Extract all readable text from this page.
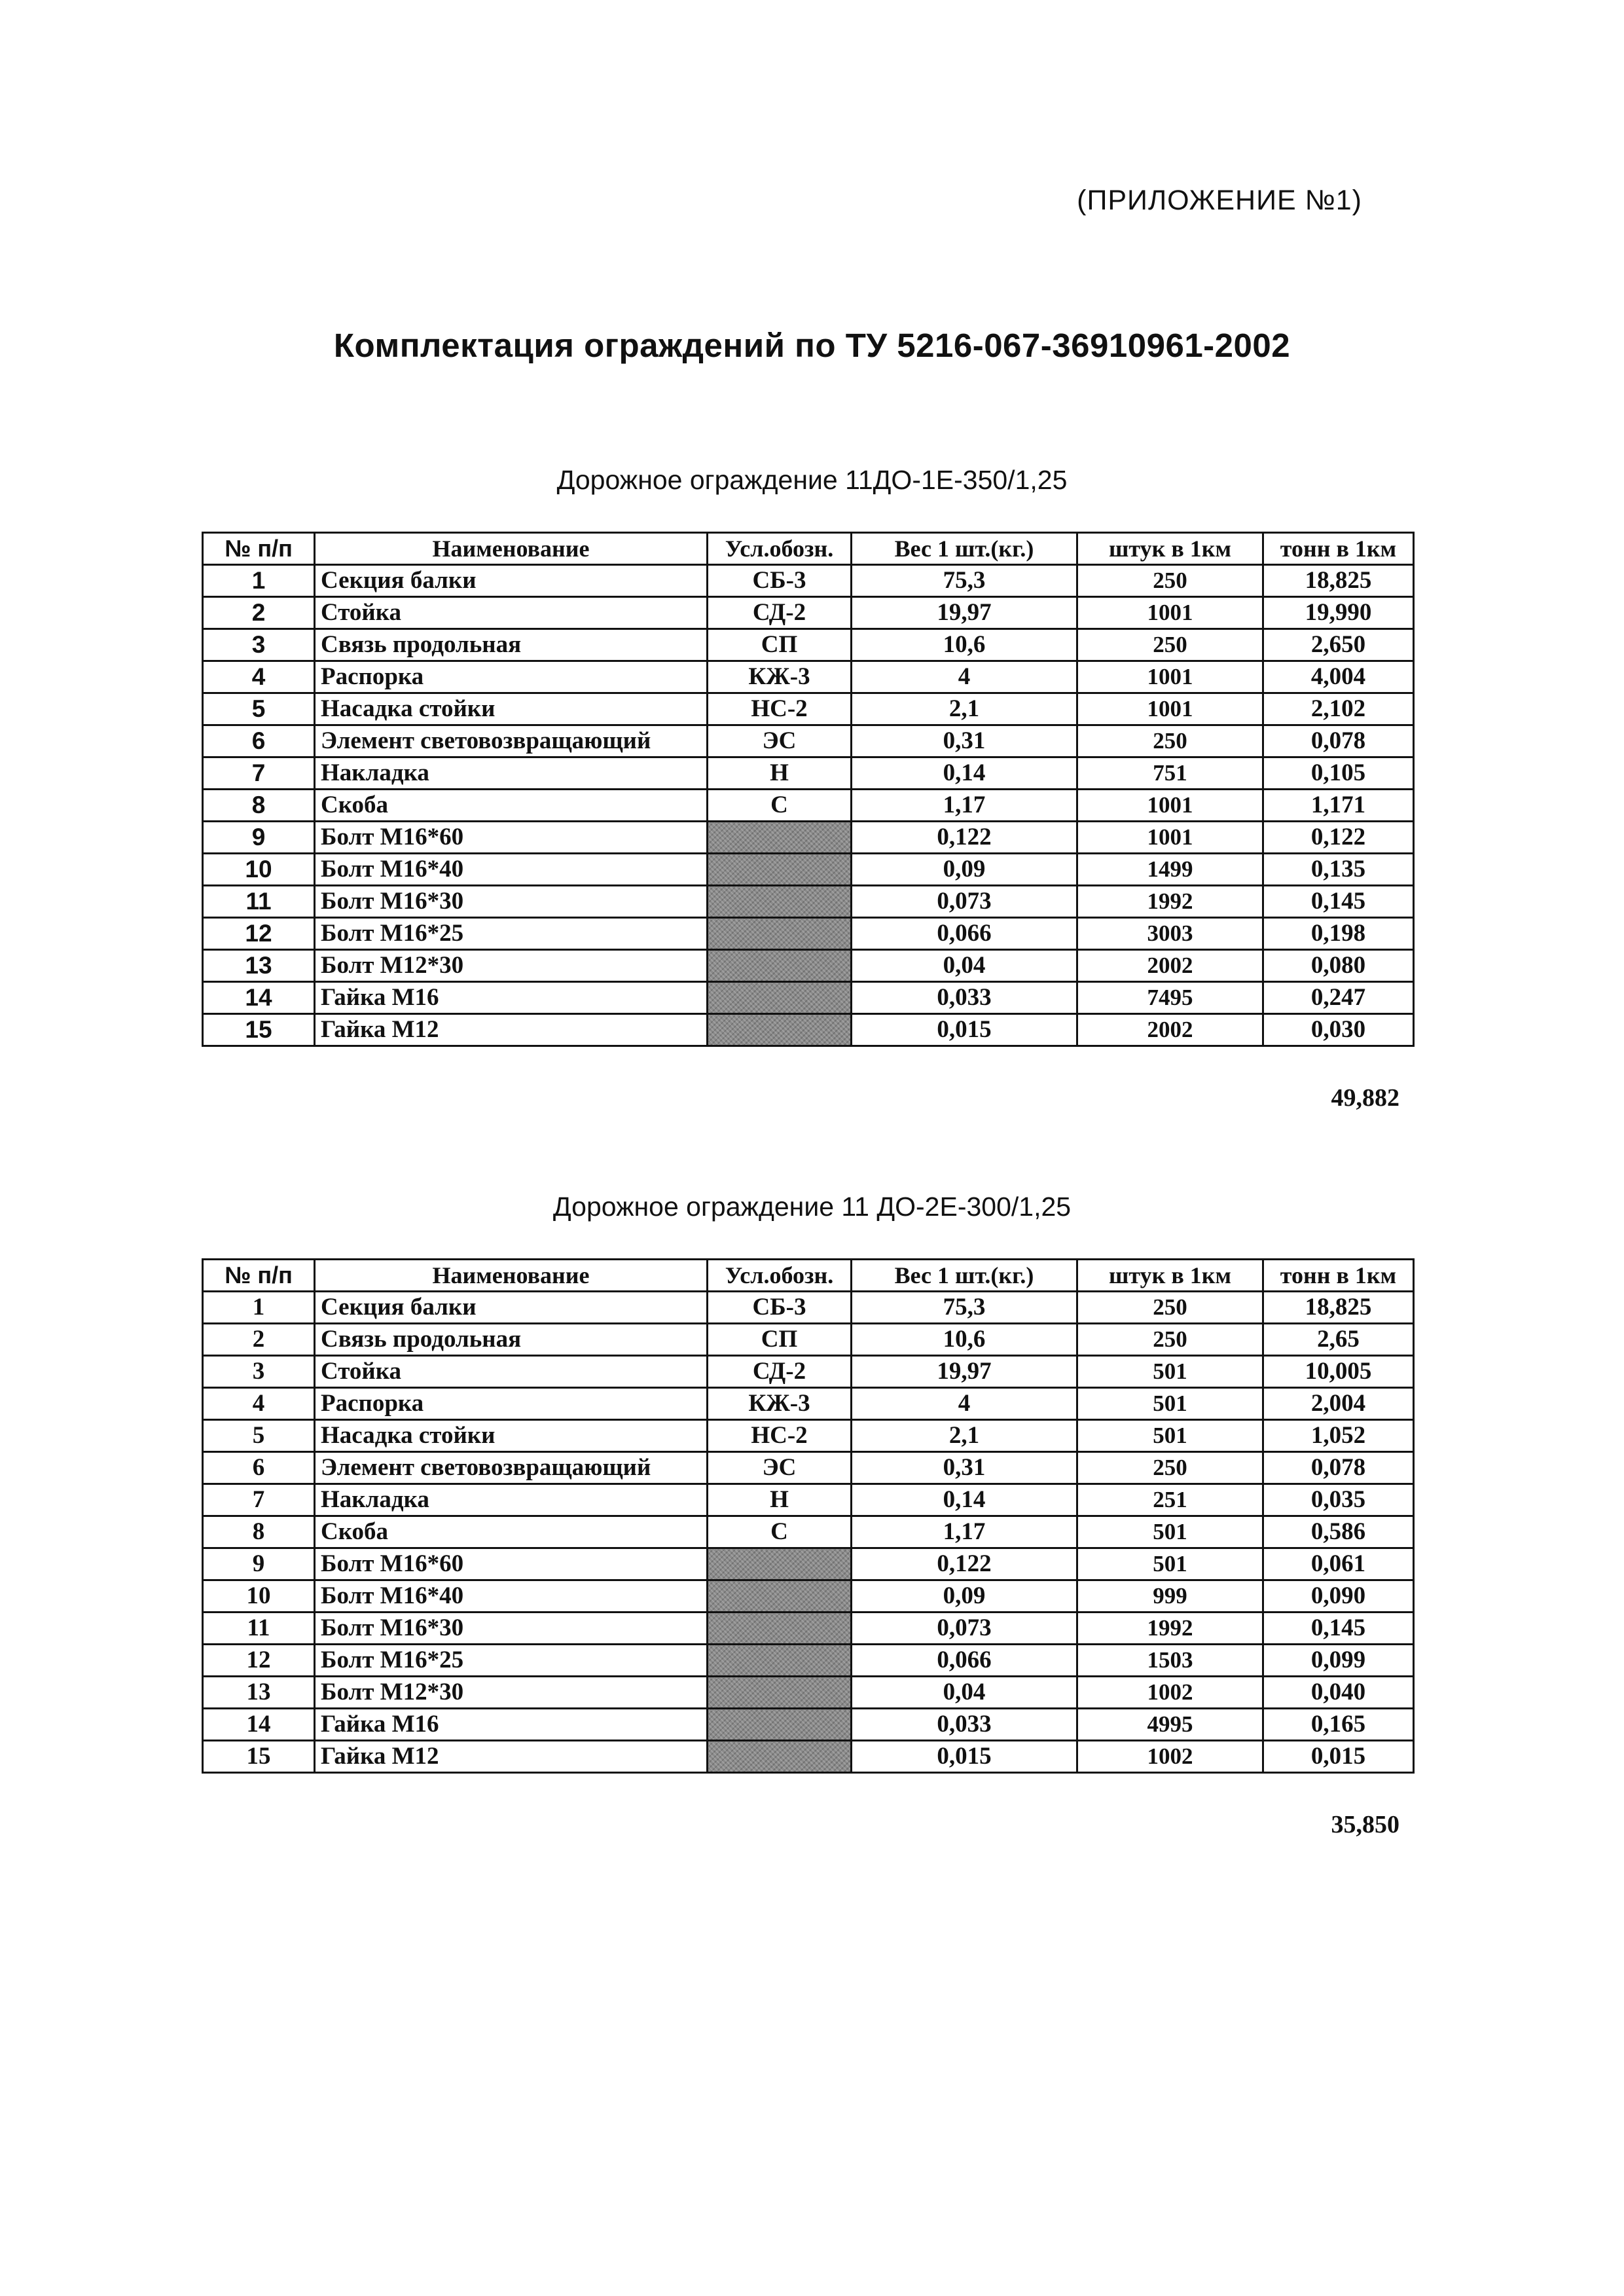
(ПРИЛОЖЕНИЕ №1)
Комплектация ограждений по ТУ 5216-067-36910961-2002
Дорожное ограждение 11ДО-1Е-350/1,25
№ п/п	Наименование	Усл.обозн.	Вес 1 шт.(кг.)	штук в 1км	тонн в 1км
1	Секция балки	СБ-3	75,3	250	18,825
2	Стойка	СД-2	19,97	1001	19,990
3	Связь продольная	СП	10,6	250	2,650
4	Распорка	КЖ-3	4	1001	4,004
5	Насадка стойки	НС-2	2,1	1001	2,102
6	Элемент световозвращающий	ЭС	0,31	250	0,078
7	Накладка	Н	0,14	751	0,105
8	Скоба	С	1,17	1001	1,171
9	Болт М16*60		0,122	1001	0,122
10	Болт М16*40		0,09	1499	0,135
11	Болт М16*30		0,073	1992	0,145
12	Болт М16*25		0,066	3003	0,198
13	Болт М12*30		0,04	2002	0,080
14	Гайка М16		0,033	7495	0,247
15	Гайка М12		0,015	2002	0,030
49,882
Дорожное ограждение 11 ДО-2Е-300/1,25
№ п/п	Наименование	Усл.обозн.	Вес 1 шт.(кг.)	штук в 1км	тонн в 1км
1	Секция балки	СБ-3	75,3	250	18,825
2	Связь продольная	СП	10,6	250	2,65
3	Стойка	СД-2	19,97	501	10,005
4	Распорка	КЖ-3	4	501	2,004
5	Насадка стойки	НС-2	2,1	501	1,052
6	Элемент световозвращающий	ЭС	0,31	250	0,078
7	Накладка	Н	0,14	251	0,035
8	Скоба	С	1,17	501	0,586
9	Болт М16*60		0,122	501	0,061
10	Болт М16*40		0,09	999	0,090
11	Болт М16*30		0,073	1992	0,145
12	Болт М16*25		0,066	1503	0,099
13	Болт М12*30		0,04	1002	0,040
14	Гайка М16		0,033	4995	0,165
15	Гайка М12		0,015	1002	0,015
35,850
